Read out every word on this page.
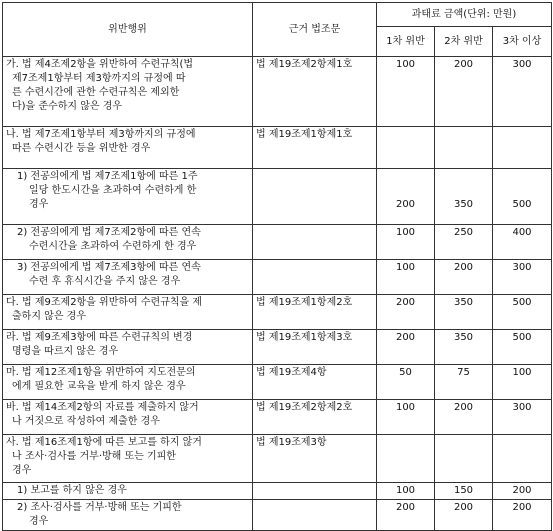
위반행위	근거 법조문	과태료 금액(단위: 만원)		
		1차 위반	2차 위반	3차 이상

가. 법 제4조제2항을 위반하여 수련규칙(법
제7조제1항부터 제3항까지의 규정에 따
른 수련시간에 관한 수련규칙은 제외한
다)을 준수하지 않은 경우	법 제19조제2항제1호	100	200	300

나. 법 제7조제1항부터 제3항까지의 규정에
따른 수련시간 등을 위반한 경우	법 제19조제1항제1호			

1) 전공의에게 법 제7조제1항에 따른 1주
일당 한도시간을 초과하여 수련하게 한
경우		200	350	500

2) 전공의에게 법 제7조제2항에 따른 연속
수련시간을 초과하여 수련하게 한 경우		100	250	400

3) 전공의에게 법 제7조제3항에 따른 연속
수련 후 휴식시간을 주지 않은 경우		100	200	300

다. 법 제9조제2항을 위반하여 수련규칙을 제
출하지 않은 경우	법 제19조제1항제2호	200	350	500

라. 법 제9조제3항에 따른 수련규칙의 변경
명령을 따르지 않은 경우	법 제19조제1항제3호	200	350	500

마. 법 제12조제1항을 위반하여 지도전문의
에게 필요한 교육을 받게 하지 않은 경우	법 제19조제4항	50	75	100

바. 법 제14조제2항의 자료를 제출하지 않거
나 거짓으로 작성하여 제출한 경우	법 제19조제2항제2호	100	200	300

사. 법 제16조제1항에 따른 보고를 하지 않거
나 조사·검사를 거부·방해 또는 기피한
경우	법 제19조제3항			

1) 보고를 하지 않은 경우		100	150	200

2) 조사·검사를 거부·방해 또는 기피한
경우		200	200	200
